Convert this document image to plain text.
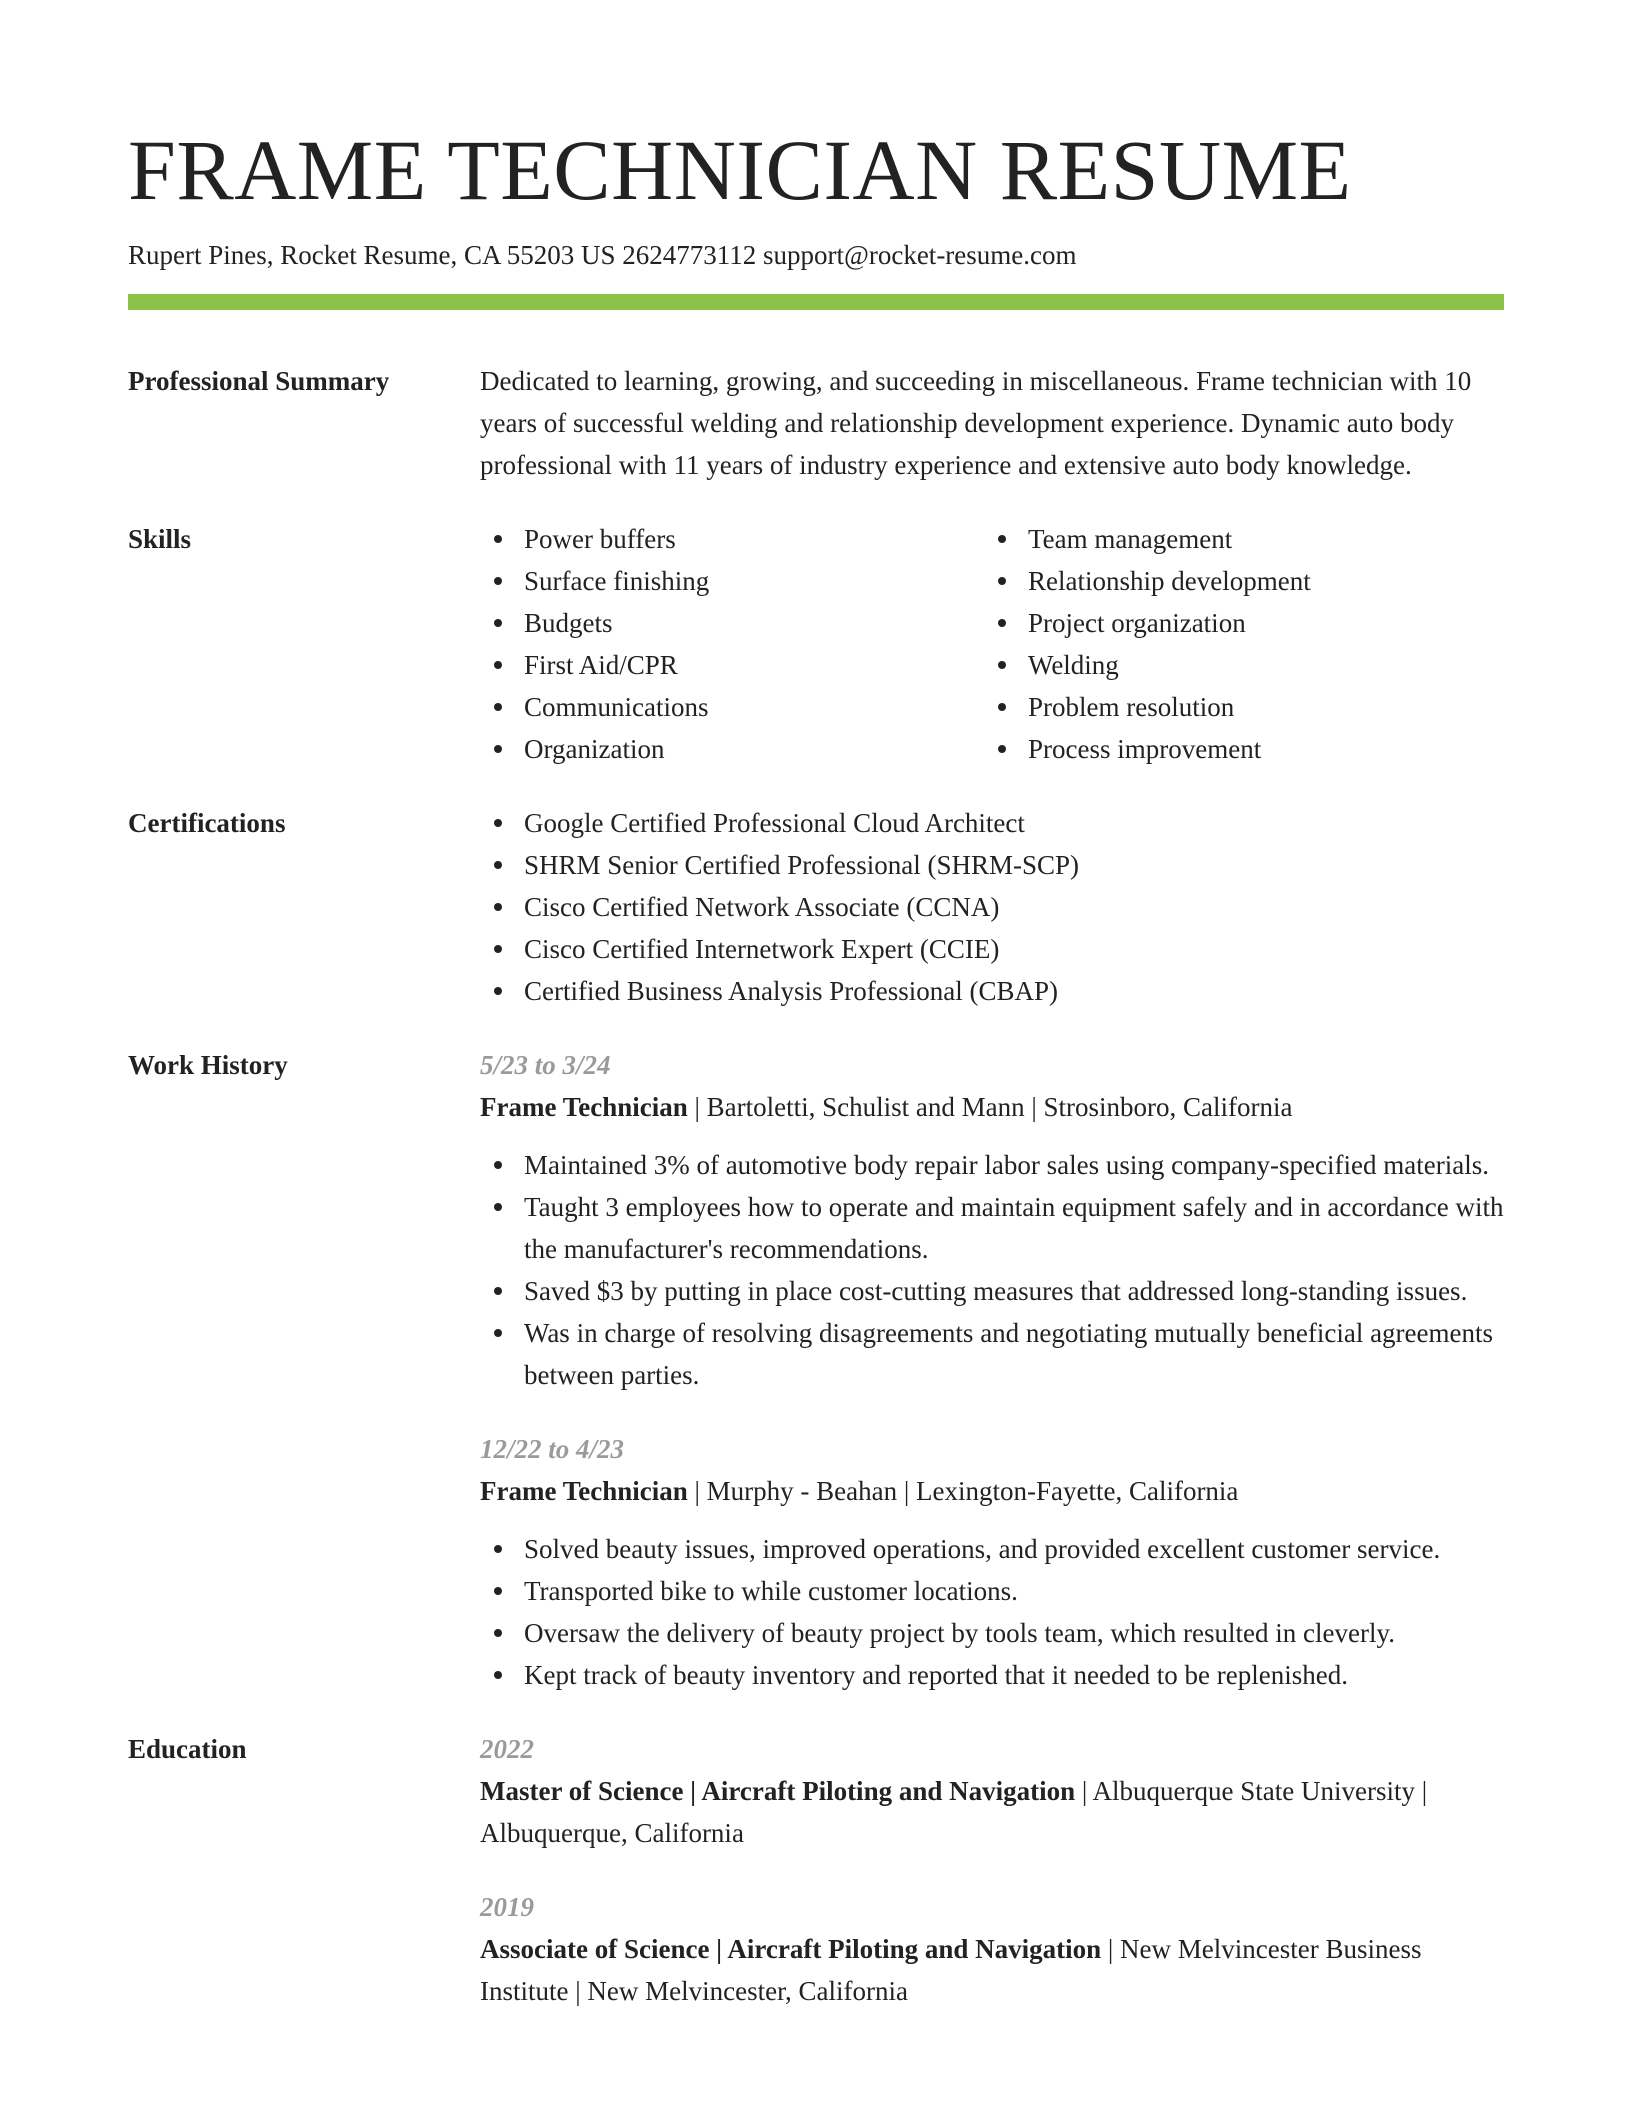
FRAME TECHNICIAN RESUME
Rupert Pines, Rocket Resume, CA 55203 US 2624773112 support@rocket-resume.com
Professional Summary	Dedicated to learning, growing, and succeeding in miscellaneous. Frame technician with 10 years of successful welding and relationship development experience. Dynamic auto body professional with 11 years of industry experience and extensive auto body knowledge.
Skills	Power buffers
Surface finishing
Budgets
First Aid/CPR
Communications
Organization
Team management
Relationship development
Project organization
Welding
Problem resolution
Process improvement
Certifications	Google Certified Professional Cloud Architect
SHRM Senior Certified Professional (SHRM-SCP)
Cisco Certified Network Associate (CCNA)
Cisco Certified Internetwork Expert (CCIE)
Certified Business Analysis Professional (CBAP)
Work History	5/23 to 3/24
Frame Technician | Bartoletti, Schulist and Mann | Strosinboro, California
Maintained 3% of automotive body repair labor sales using company-specified materials.
Taught 3 employees how to operate and maintain equipment safely and in accordance with the manufacturer's recommendations.
Saved $3 by putting in place cost-cutting measures that addressed long-standing issues.
Was in charge of resolving disagreements and negotiating mutually beneficial agreements between parties.
12/22 to 4/23
Frame Technician | Murphy - Beahan | Lexington-Fayette, California
Solved beauty issues, improved operations, and provided excellent customer service.
Transported bike to while customer locations.
Oversaw the delivery of beauty project by tools team, which resulted in cleverly.
Kept track of beauty inventory and reported that it needed to be replenished.
Education	2022
Master of Science | Aircraft Piloting and Navigation | Albuquerque State University | Albuquerque, California
2019
Associate of Science | Aircraft Piloting and Navigation | New Melvincester Business Institute | New Melvincester, California
